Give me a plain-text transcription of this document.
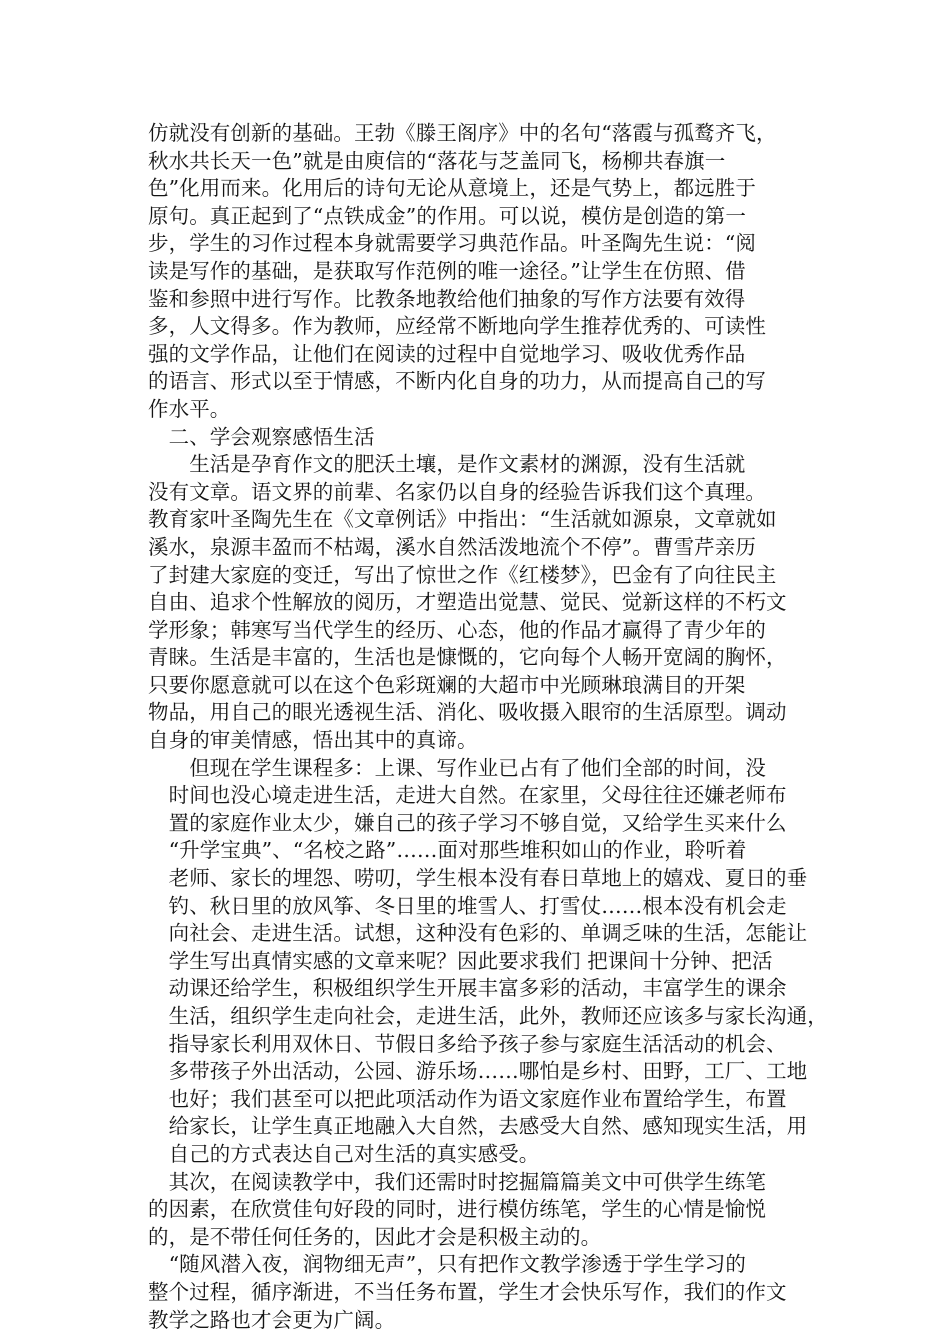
仿就没有创新的基础。王勃《滕王阁序》中的名句“落霞与孤鹜齐飞，
秋水共长天一色”就是由庾信的“落花与芝盖同飞，杨柳共春旗一
色”化用而来。化用后的诗句无论从意境上，还是气势上，都远胜于
原句。真正起到了“点铁成金”的作用。可以说，模仿是创造的第一
步，学生的习作过程本身就需要学习典范作品。叶圣陶先生说：“阅
读是写作的基础，是获取写作范例的唯一途径。”让学生在仿照、借
鉴和参照中进行写作。比教条地教给他们抽象的写作方法要有效得
多，人文得多。作为教师，应经常不断地向学生推荐优秀的、可读性
强的文学作品，让他们在阅读的过程中自觉地学习、吸收优秀作品
的语言、形式以至于情感，不断内化自身的功力，从而提高自己的写
作水平。
　二、学会观察感悟生活
　　生活是孕育作文的肥沃土壤，是作文素材的渊源，没有生活就
没有文章。语文界的前辈、名家仍以自身的经验告诉我们这个真理。
教育家叶圣陶先生在《文章例话》中指出：“生活就如源泉，文章就如
溪水，泉源丰盈而不枯竭，溪水自然活泼地流个不停”。曹雪芹亲历
了封建大家庭的变迁，写出了惊世之作《红楼梦》，巴金有了向往民主
自由、追求个性解放的阅历，才塑造出觉慧、觉民、觉新这样的不朽文
学形象；韩寒写当代学生的经历、心态，他的作品才赢得了青少年的
青睐。生活是丰富的，生活也是慷慨的，它向每个人畅开宽阔的胸怀，
只要你愿意就可以在这个色彩斑斓的大超市中光顾琳琅满目的开架
物品，用自己的眼光透视生活、消化、吸收摄入眼帘的生活原型。调动
自身的审美情感，悟出其中的真谛。
　　但现在学生课程多：上课、写作业已占有了他们全部的时间，没
　时间也没心境走进生活，走进大自然。在家里，父母往往还嫌老师布
　置的家庭作业太少，嫌自己的孩子学习不够自觉，又给学生买来什么
　“升学宝典”、“名校之路”……面对那些堆积如山的作业，聆听着
　老师、家长的埋怨、唠叨，学生根本没有春日草地上的嬉戏、夏日的垂
　钓、秋日里的放风筝、冬日里的堆雪人、打雪仗……根本没有机会走
　向社会、走进生活。试想，这种没有色彩的、单调乏味的生活，怎能让
　学生写出真情实感的文章来呢？因此要求我们 把课间十分钟、把活
　动课还给学生，积极组织学生开展丰富多彩的活动，丰富学生的课余
　生活，组织学生走向社会，走进生活，此外，教师还应该多与家长沟通，
　指导家长利用双休日、节假日多给予孩子参与家庭生活活动的机会、
　多带孩子外出活动，公园、游乐场……哪怕是乡村、田野，工厂、工地
　也好；我们甚至可以把此项活动作为语文家庭作业布置给学生，布置
　给家长，让学生真正地融入大自然，去感受大自然、感知现实生活，用
　自己的方式表达自己对生活的真实感受。
　其次，在阅读教学中，我们还需时时挖掘篇篇美文中可供学生练笔
的因素，在欣赏佳句好段的同时，进行模仿练笔，学生的心情是愉悦
的，是不带任何任务的，因此才会是积极主动的。
　“随风潜入夜，润物细无声”，只有把作文教学渗透于学生学习的
整个过程，循序渐进，不当任务布置，学生才会快乐写作，我们的作文
教学之路也才会更为广阔。
